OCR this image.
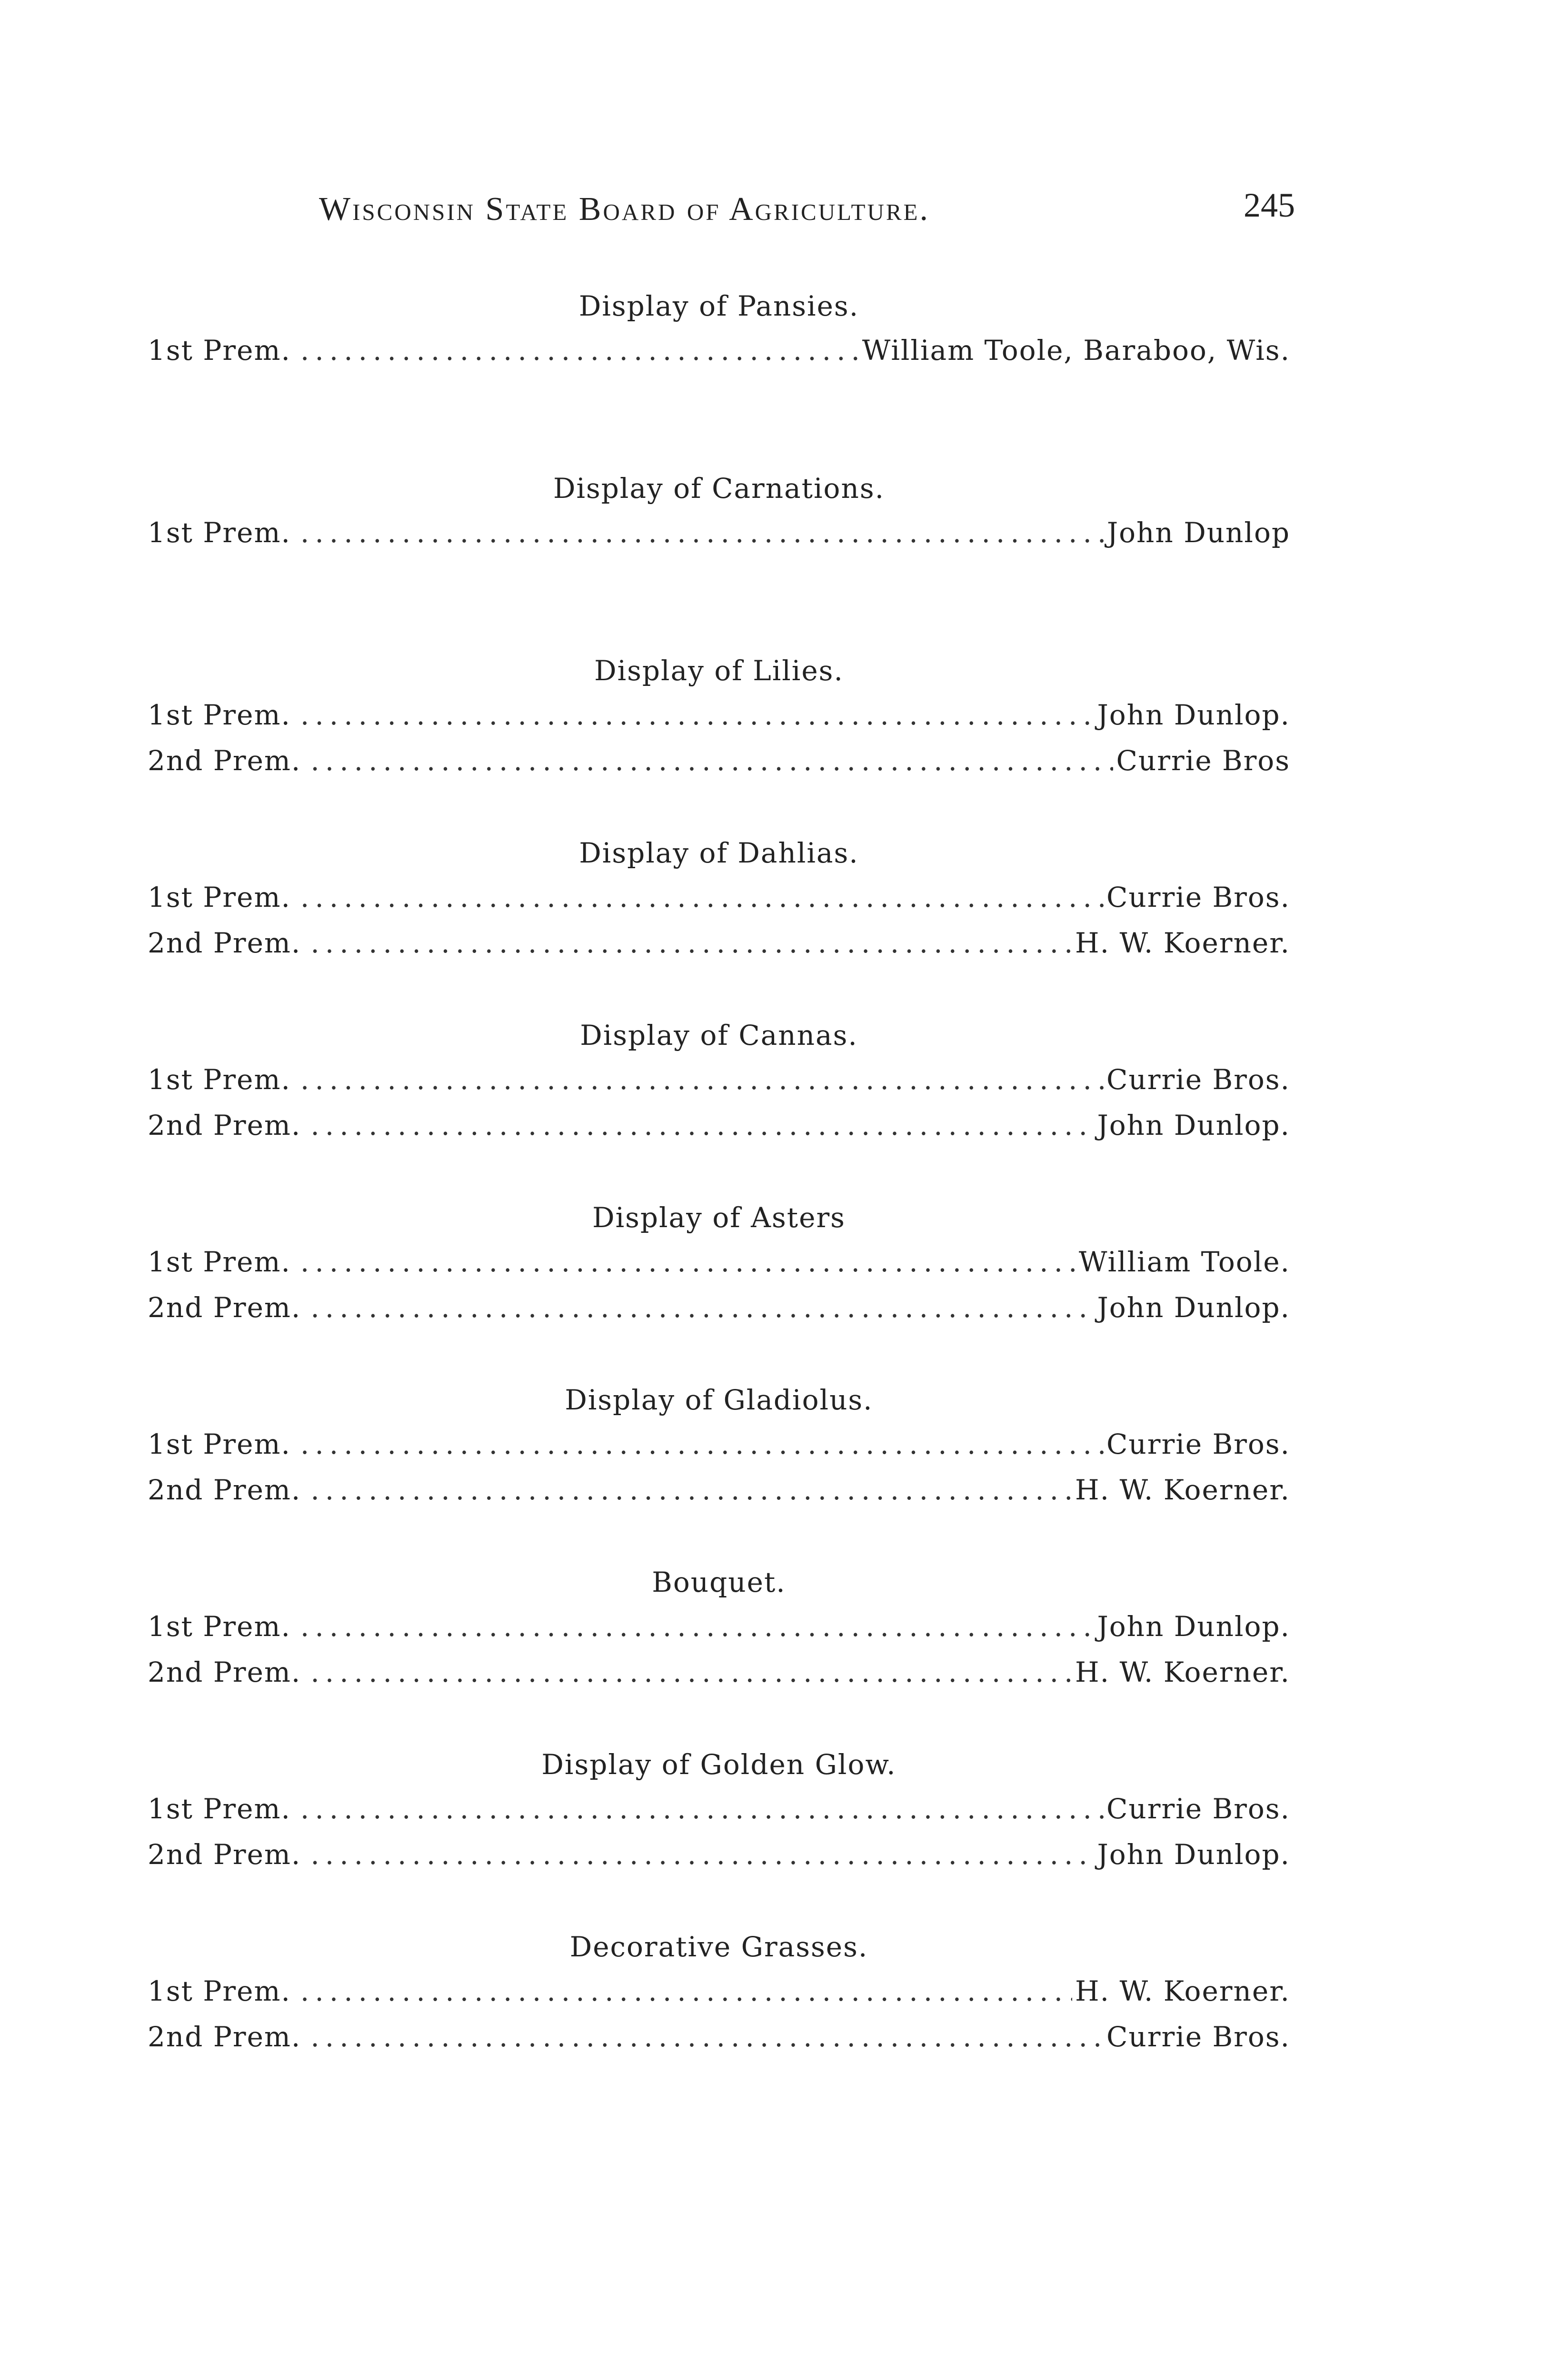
Wisconsin State Board of Agriculture.	245
Display of Pansies.
1st Prem. .....	William Toole, Baraboo, Wis.
Display of Carnations.
1st Prem. .....	John Dunlop
Display of Lilies.
1st Prem. .....	John Dunlop.
2nd Prem. .....	Currie Bros
Display of Dahlias.
1st Prem. .....	Currie Bros.
2nd Prem. .....	H. W. Koerner.
Display of Cannas.
1st Prem. .....	Currie Bros.
2nd Prem. .....	John Dunlop.
Display of Asters
1st Prem. .....	William Toole.
2nd Prem. .....	John Dunlop.
Display of Gladiolus.
1st Prem. .....	Currie Bros.
2nd Prem. .....	H. W. Koerner.
Bouquet.
1st Prem. .....	John Dunlop.
2nd Prem. .....	H. W. Koerner.
Display of Golden Glow.
1st Prem. .....	Currie Bros.
2nd Prem. .....	John Dunlop.
Decorative Grasses.
1st Prem. .....	H. W. Koerner.
2nd Prem. .....	Currie Bros.
